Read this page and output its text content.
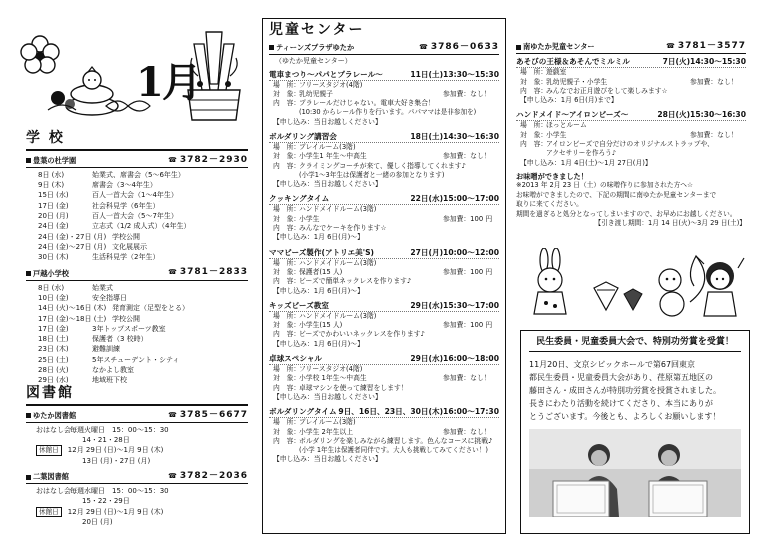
1月
学 校
豊葉の杜学園	☎ 3782－2930
8日 (水)	始業式、席書会（5～6年生）
9日 (木)	席書会（3～4年生）
15日 (水)	百人一首大会（1～4年生）
17日 (金)	社会科見学（6年生）
20日 (月)	百人一首大会（5～7年生）
24日 (金)	立志式（1/2 成人式）（4年生）
24日 (金)・27日 (月) 学校公開
24日 (金)～27日 (月) 文化展展示
30日 (木)	生活科見学（2年生）
戸越小学校	☎ 3781－2833
8日 (水)	始業式
10日 (金)	安全指導日
14日 (火)～16日 (木) 発育測定（足型をとる）
17日 (金)～18日 (土) 学校公開
17日 (金)	3年トップスポーツ教室
18日 (土)	保護者（3 校時）
23日 (木)	避難訓練
25日 (土)	5年スチューデント・シティ
28日 (火)	なかよし教室
29日 (水)	地域班下校
図書館
ゆたか図書館	☎ 3785－6677
おはなし会 毎週火曜日　15：00～15：30
14・21・28日
休館日	12月 29日 (日)～1月 9日 (木)
13日 (月)・27日 (月)
二葉図書館	☎ 3782－2036
おはなし会 毎週水曜日　15：00～15：30
15・22・29日
休館日	12月 29日 (日)～1月 9日 (木)
20日 (月)
児童センター
ティーンズプラザゆたか	☎ 3786－0633
（ゆたか児童センター）
電車まつり～パパとプラレール～	11日(土)13:30～15:30
場　所：
フリースタジオ(4階)
対　象：
乳幼児親子	参加費：なし！
内　容：
プラレールだけじゃない。電車大好き集合！
(10:30 からレール作りを行います。パパママは是非参加を)
【申し込み：当日お越しください】
ボルダリング講習会	18日(土)14:30～16:30
場　所：
プレイルーム(3階)
対　象：
小学生1 年生～中高生	参加費：なし！
内　容：
クライミングコーチが来て、優しく指導してくれます♪
(小学1～3年生は保護者と一緒の参加となります)
【申し込み：当日お越しください】
クッキングタイム	22日(水)15:00～17:00
場　所：
ハンドメイドルーム(3階)
対　象：
小学生	参加費：100 円
内　容：
みんなでケーキを作ります☆
【申し込み：1月 6日(月)～】
ママビーズ製作(アトリエ美'S)	27日(月)10:00～12:00
場　所：
ハンドメイドルーム(3階)
対　象：
保護者(15 人)	参加費：100 円
内　容：
ビーズで簡単ネックレスを作ります♪
【申し込み：1月 6日(月)～】
キッズビーズ教室	29日(水)15:30～17:00
場　所：
ハンドメイドルーム(3階)
対　象：
小学生(15 人)	参加費：100 円
内　容：
ビーズでかわいいネックレスを作ります♪
【申し込み：1月 6日(月)～】
卓球スペシャル	29日(水)16:00～18:00
場　所：
フリースタジオ(4階)
対　象：
小学校 1年生～中高生	参加費：なし！
内　容：
卓球マシンを使って練習をします！
【申し込み：当日お越しください】
ボルダリングタイム 9日、16日、23日、30日(木)16:00～17:30
場　所：
プレイルーム(3階)
対　象：
小学生 2年生以上	参加費：なし！
内　容：
ボルダリングを楽しみながら練習します。色んなコースに挑戦♪
(小学 1年生は保護者同伴です。大人も挑戦してみてください！)
【申し込み：当日お越しください】
南ゆたか児童センター	☎ 3781－3577
あそびの王様＆あそんでミルミル	7日(火)14:30～15:30
場　所：
遊戯室
対　象：
乳幼児親子・小学生	参加費：なし！
内　容：
みんなでお正月遊びをして楽しみます☆
【申し込み：1月 6日(月)まで】
ハンドメイド～アイロンビーズ～	28日(火)15:30～16:30
場　所：
ほっとルーム
対　象：
小学生	参加費：なし！
内　容：
アイロンビーズで自分だけのオリジナルストラップや、
アクセサリーを作ろう♪
【申し込み：1月 4日(土)～1月 27日(月)】
お味噌ができました！
※2013 年 2月 23 日（土）の味噌作りに参加された方へ☆
お味噌ができましたので、下記の期間に南ゆたか児童センターまで
取りに来てください。
期間を過ぎると処分となってしまいますので、お早めにお越しください。
【引き渡し期間：1月 14 日(火)～3月 29 日(土)】
民生委員・児童委員大会で、特別功労賞を受賞！
11月20日、文京シビックホールで第67回東京
都民生委員・児童委員大会があり、荏原第五地区の
藤田さん・成田さんが特別功労賞を授賞されました。
長きにわたり活動を続けてくださり、本当にありが
とうございます。今後とも、よろしくお願いします！
